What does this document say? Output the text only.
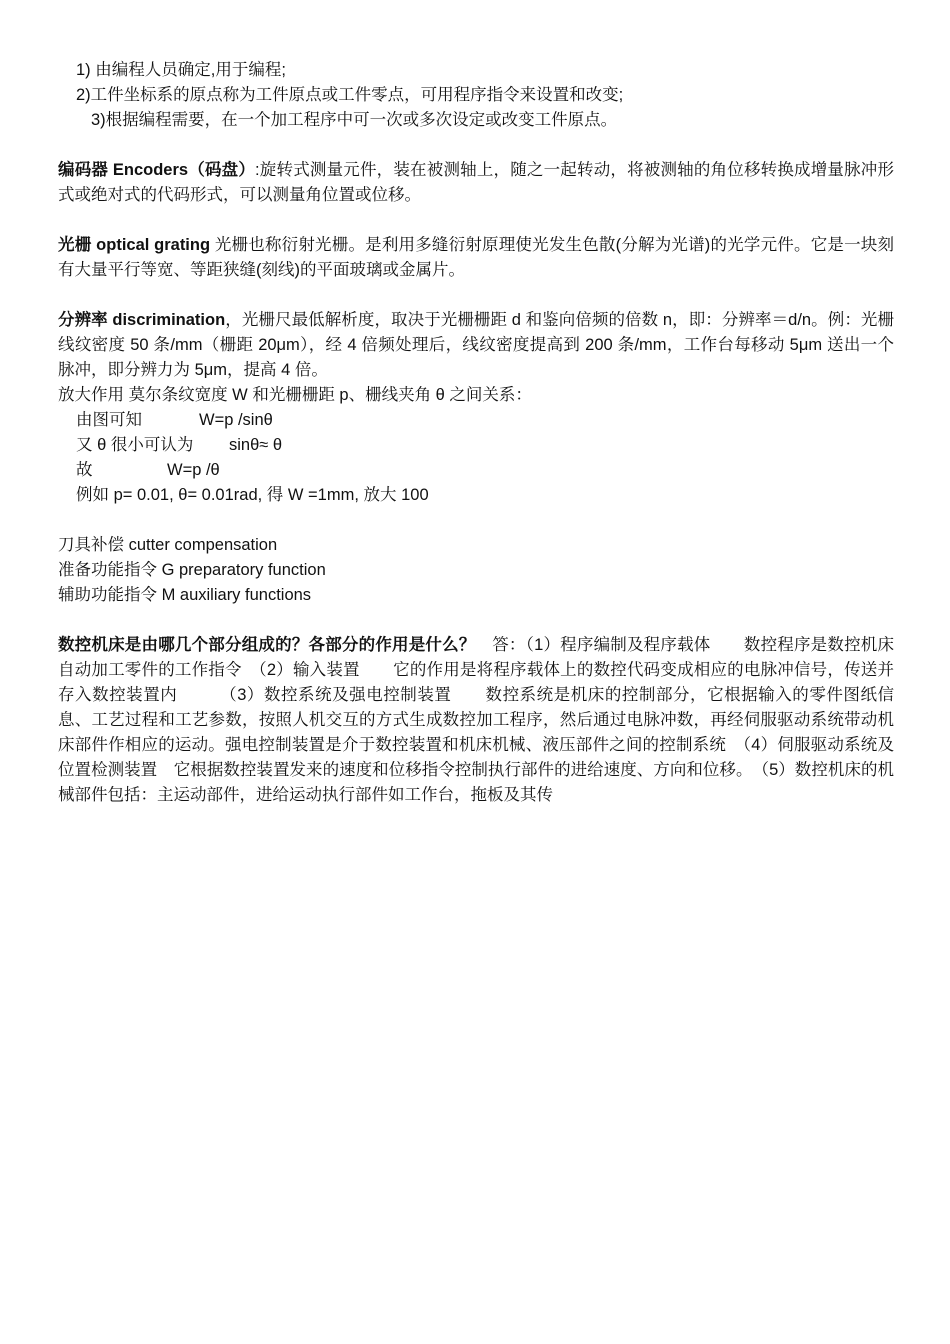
1) 由编程人员确定,用于编程;

2)工件坐标系的原点称为工件原点或工件零点，可用程序指令来设置和改变;

3)根据编程需要，在一个加工程序中可一次或多次设定或改变工件原点。

编码器 Encoders（码盘）:旋转式测量元件，装在被测轴上，随之一起转动，将被测轴的角位移转换成增量脉冲形式或绝对式的代码形式，可以测量角位置或位移。

光栅 optical grating 光栅也称衍射光栅。是利用多缝衍射原理使光发生色散(分解为光谱)的光学元件。它是一块刻有大量平行等宽、等距狭缝(刻线)的平面玻璃或金属片。

分辨率 discrimination，光栅尺最低解析度，取决于光栅栅距 d 和鉴向倍频的倍数 n，即：分辨率＝d/n。例：光栅线纹密度 50 条/mm（栅距 20μm），经 4 倍频处理后，线纹密度提高到 200 条/mm，工作台每移动 5μm 送出一个脉冲，即分辨力为 5μm，提高 4 倍。

放大作用 莫尔条纹宽度 W 和光栅栅距 p、栅线夹角 θ 之间关系：

由图可知	W=p /sinθ

又 θ 很小可认为 sinθ≈ θ

故	W=p /θ

例如 p= 0.01, θ= 0.01rad, 得 W =1mm, 放大 100

刀具补偿 cutter compensation

准备功能指令 G preparatory function

辅助功能指令 M auxiliary functions

数控机床是由哪几个部分组成的？各部分的作用是什么？　答：（1）程序编制及程序载体　　数控程序是数控机床自动加工零件的工作指令　（2）输入装置　　它的作用是将程序载体上的数控代码变成相应的电脉冲信号，传送并存入数控装置内　　　（3）数控系统及强电控制装置　　数控系统是机床的控制部分，它根据输入的零件图纸信息、工艺过程和工艺参数，按照人机交互的方式生成数控加工程序，然后通过电脉冲数，再经伺服驱动系统带动机床部件作相应的运动。强电控制装置是介于数控装置和机床机械、液压部件之间的控制系统　（4）伺服驱动系统及位置检测装置　它根据数控装置发来的速度和位移指令控制执行部件的进给速度、方向和位移。　（5）数控机床的机械部件包括：主运动部件，进给运动执行部件如工作台，拖板及其传
